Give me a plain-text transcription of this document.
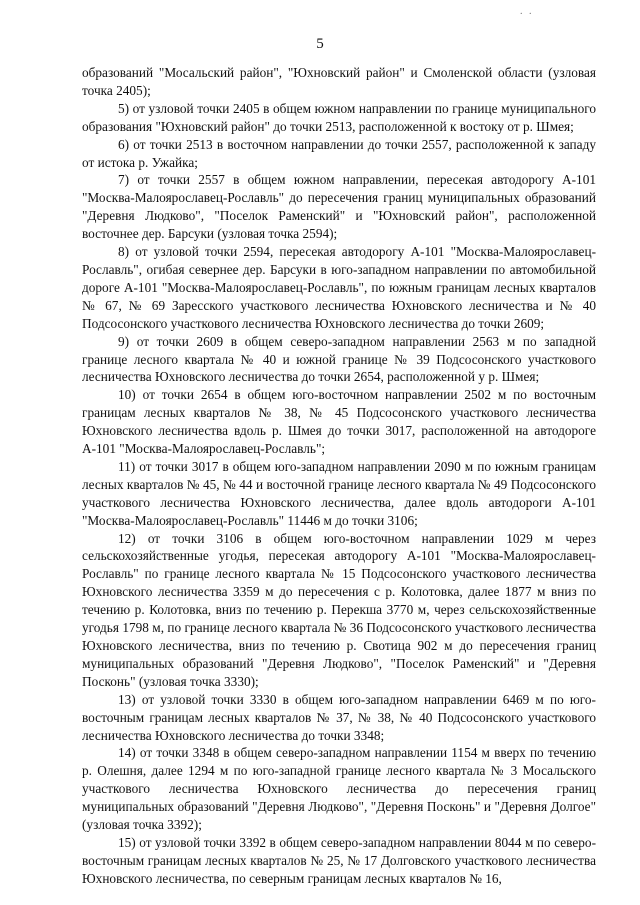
. .
5

образований "Мосальский район", "Юхновский район" и Смоленской области (узловая точка 2405);

5) от узловой точки 2405 в общем южном направлении по границе муниципального образования "Юхновский район" до точки 2513, расположенной к востоку от р. Шмея;

6) от точки 2513 в восточном направлении до точки 2557, расположенной к западу от истока р. Ужайка;

7) от точки 2557 в общем южном направлении, пересекая автодорогу А-101 "Москва-Малоярославец-Рославль" до пересечения границ муниципальных образований "Деревня Людково", "Поселок Раменский" и "Юхновский район", расположенной восточнее дер. Барсуки (узловая точка 2594);

8) от узловой точки 2594, пересекая автодорогу А-101 "Москва-Малоярославец-Рославль", огибая севернее дер. Барсуки в юго-западном направлении по автомобильной дороге А-101 "Москва-Малоярославец-Рославль", по южным границам лесных кварталов № 67, № 69 Заресского участкового лесничества Юхновского лесничества и № 40 Подсосонского участкового лесничества Юхновского лесничества до точки 2609;

9) от точки 2609 в общем северо-западном направлении 2563 м по западной границе лесного квартала № 40 и южной границе № 39 Подсосонского участкового лесничества Юхновского лесничества до точки 2654, расположенной у р. Шмея;

10) от точки 2654 в общем юго-восточном направлении 2502 м по восточным границам лесных кварталов № 38, № 45 Подсосонского участкового лесничества Юхновского лесничества вдоль р. Шмея до точки 3017, расположенной на автодороге А-101 "Москва-Малоярославец-Рославль";

11) от точки 3017 в общем юго-западном направлении 2090 м по южным границам лесных кварталов № 45, № 44 и восточной границе лесного квартала № 49 Подсосонского участкового лесничества Юхновского лесничества, далее вдоль автодороги А-101 "Москва-Малоярославец-Рославль" 11446 м до точки 3106;

12) от точки 3106 в общем юго-восточном направлении 1029 м через сельскохозяйственные угодья, пересекая автодорогу А-101 "Москва-Малоярославец-Рославль" по границе лесного квартала № 15 Подсосонского участкового лесничества Юхновского лесничества 3359 м до пересечения с р. Колотовка, далее 1877 м вниз по течению р. Колотовка, вниз по течению р. Перекша 3770 м, через сельскохозяйственные угодья 1798 м, по границе лесного квартала № 36 Подсосонского участкового лесничества Юхновского лесничества, вниз по течению р. Свотица 902 м до пересечения границ муниципальных образований "Деревня Людково", "Поселок Раменский" и "Деревня Посконь" (узловая точка 3330);

13) от узловой точки 3330 в общем юго-западном направлении 6469 м по юго-восточным границам лесных кварталов № 37, № 38, № 40 Подсосонского участкового лесничества Юхновского лесничества до точки 3348;

14) от точки 3348 в общем северо-западном направлении 1154 м вверх по течению р. Олешня, далее 1294 м по юго-западной границе лесного квартала № 3 Мосальского участкового лесничества Юхновского лесничества до пересечения границ муниципальных образований "Деревня Людково", "Деревня Посконь" и "Деревня Долгое" (узловая точка 3392);

15) от узловой точки 3392 в общем северо-западном направлении 8044 м по северо-восточным границам лесных кварталов № 25, № 17 Долговского участкового лесничества Юхновского лесничества, по северным границам лесных кварталов № 16,
